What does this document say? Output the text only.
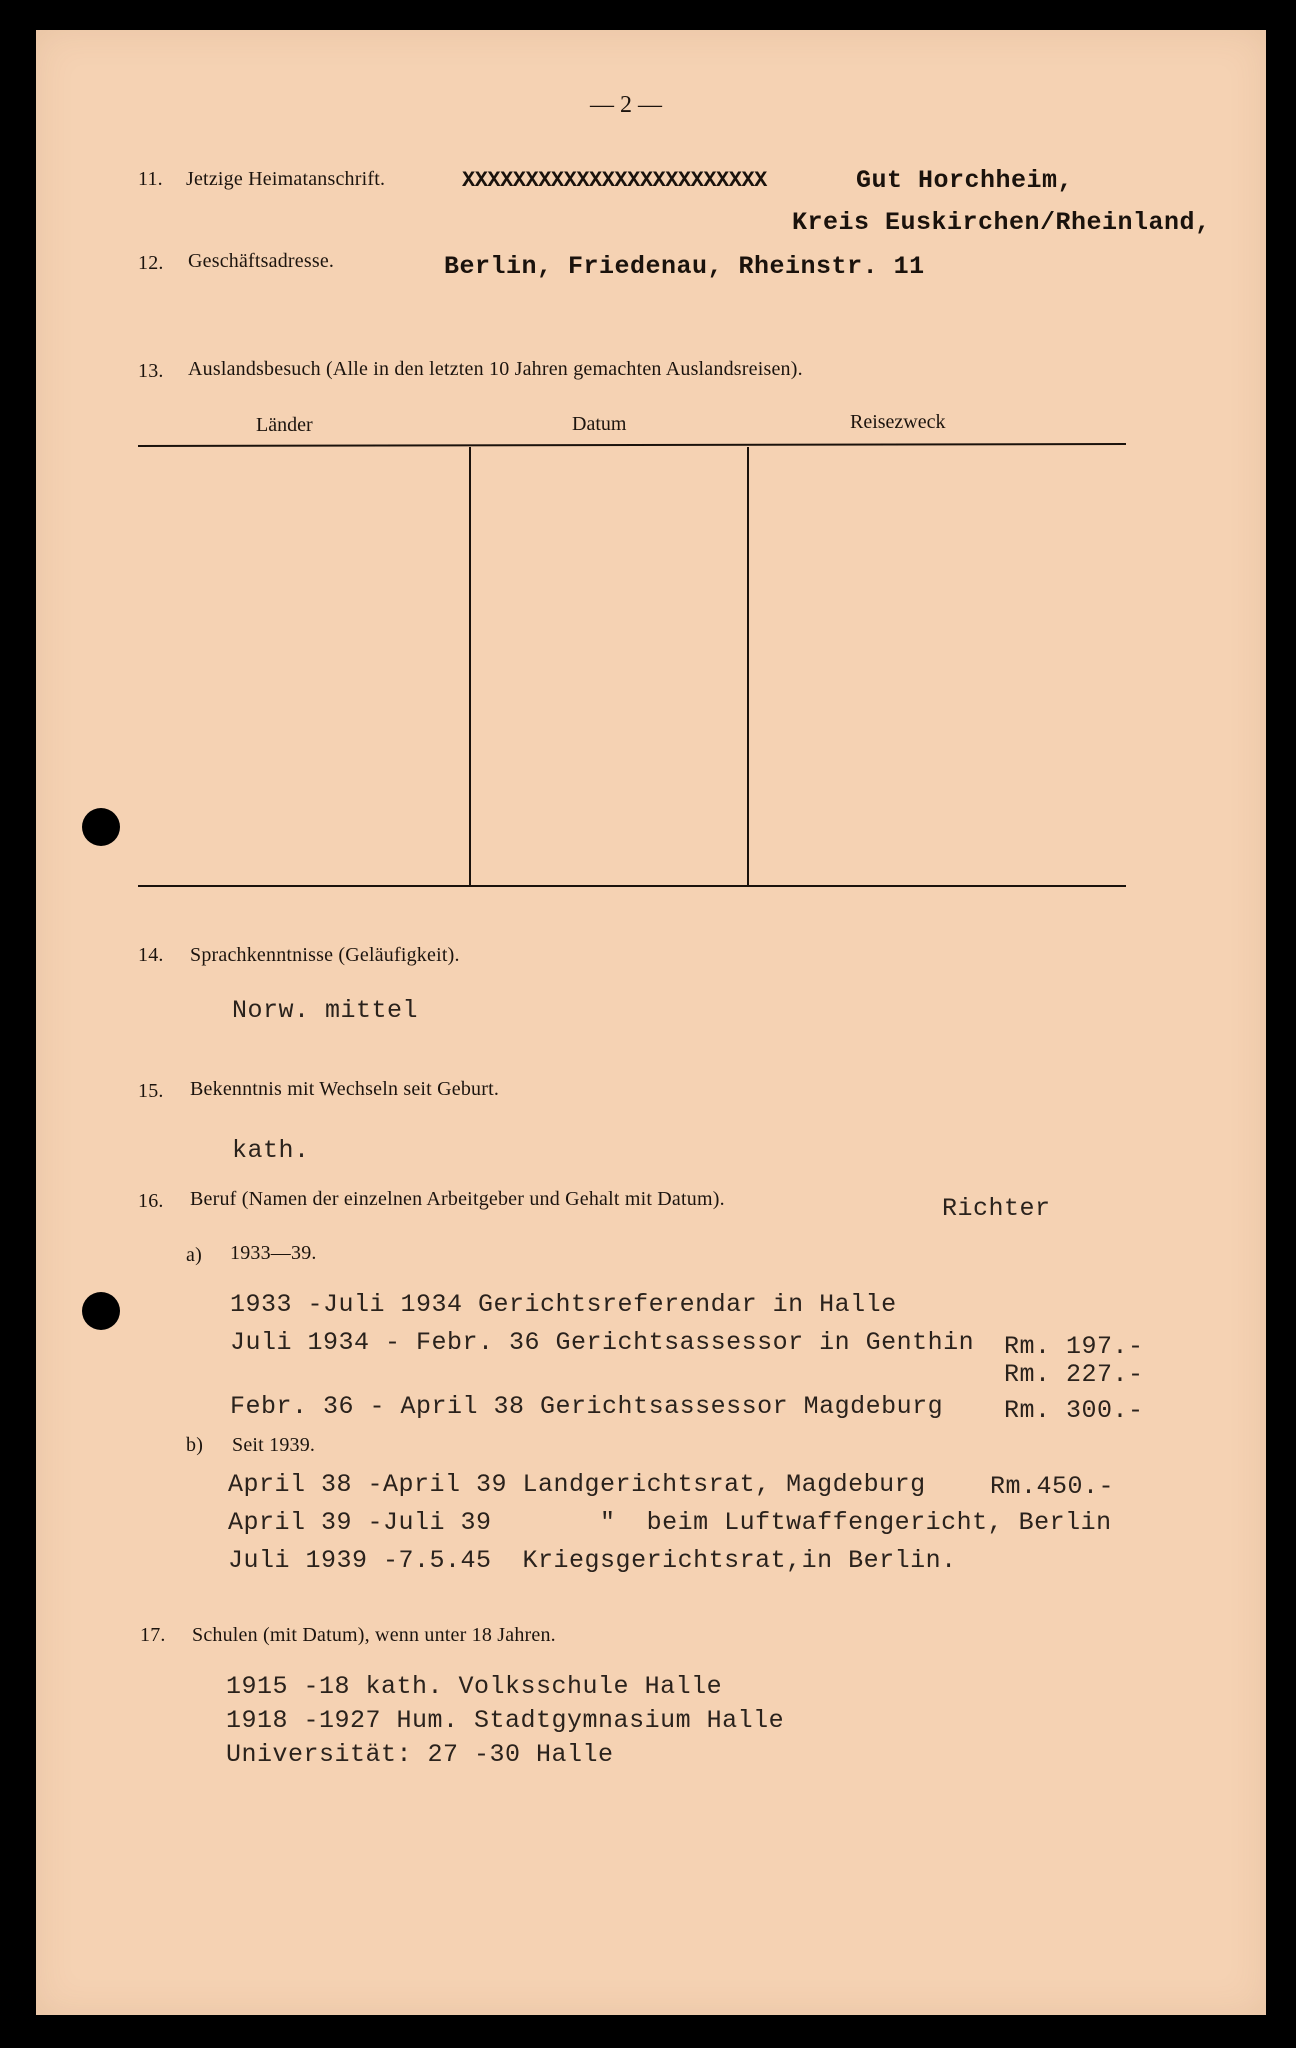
— 2 —
11. Jetzige Heimatanschrift.	XXXXXXXXXXXXXXXXXXXXXXXX	Gut Horchheim,
Kreis Euskirchen/Rheinland,
12. Geschäftsadresse.	Berlin, Friedenau, Rheinstr. 11
13. Auslandsbesuch (Alle in den letzten 10 Jahren gemachten Auslandsreisen).
Länder	Datum	Reisezweck
14. Sprachkenntnisse (Geläufigkeit).
Norw. mittel
15. Bekenntnis mit Wechseln seit Geburt.
kath.
16. Beruf (Namen der einzelnen Arbeitgeber und Gehalt mit Datum).	Richter
a) 1933—39.
1933 -Juli 1934 Gerichtsreferendar in Halle
Juli 1934 - Febr. 36 Gerichtsassessor in Genthin Rm. 197.-
Rm. 227.-
Febr. 36 - April 38 Gerichtsassessor Magdeburg Rm. 300.-
b) Seit 1939.
April 38 -April 39 Landgerichtsrat, Magdeburg	Rm.450.-
April 39 -Juli 39       "  beim Luftwaffengericht, Berlin
Juli 1939 -7.5.45  Kriegsgerichtsrat,in Berlin.
17. Schulen (mit Datum), wenn unter 18 Jahren.
1915 -18 kath. Volksschule Halle
1918 -1927 Hum. Stadtgymnasium Halle
Universität: 27 -30 Halle
